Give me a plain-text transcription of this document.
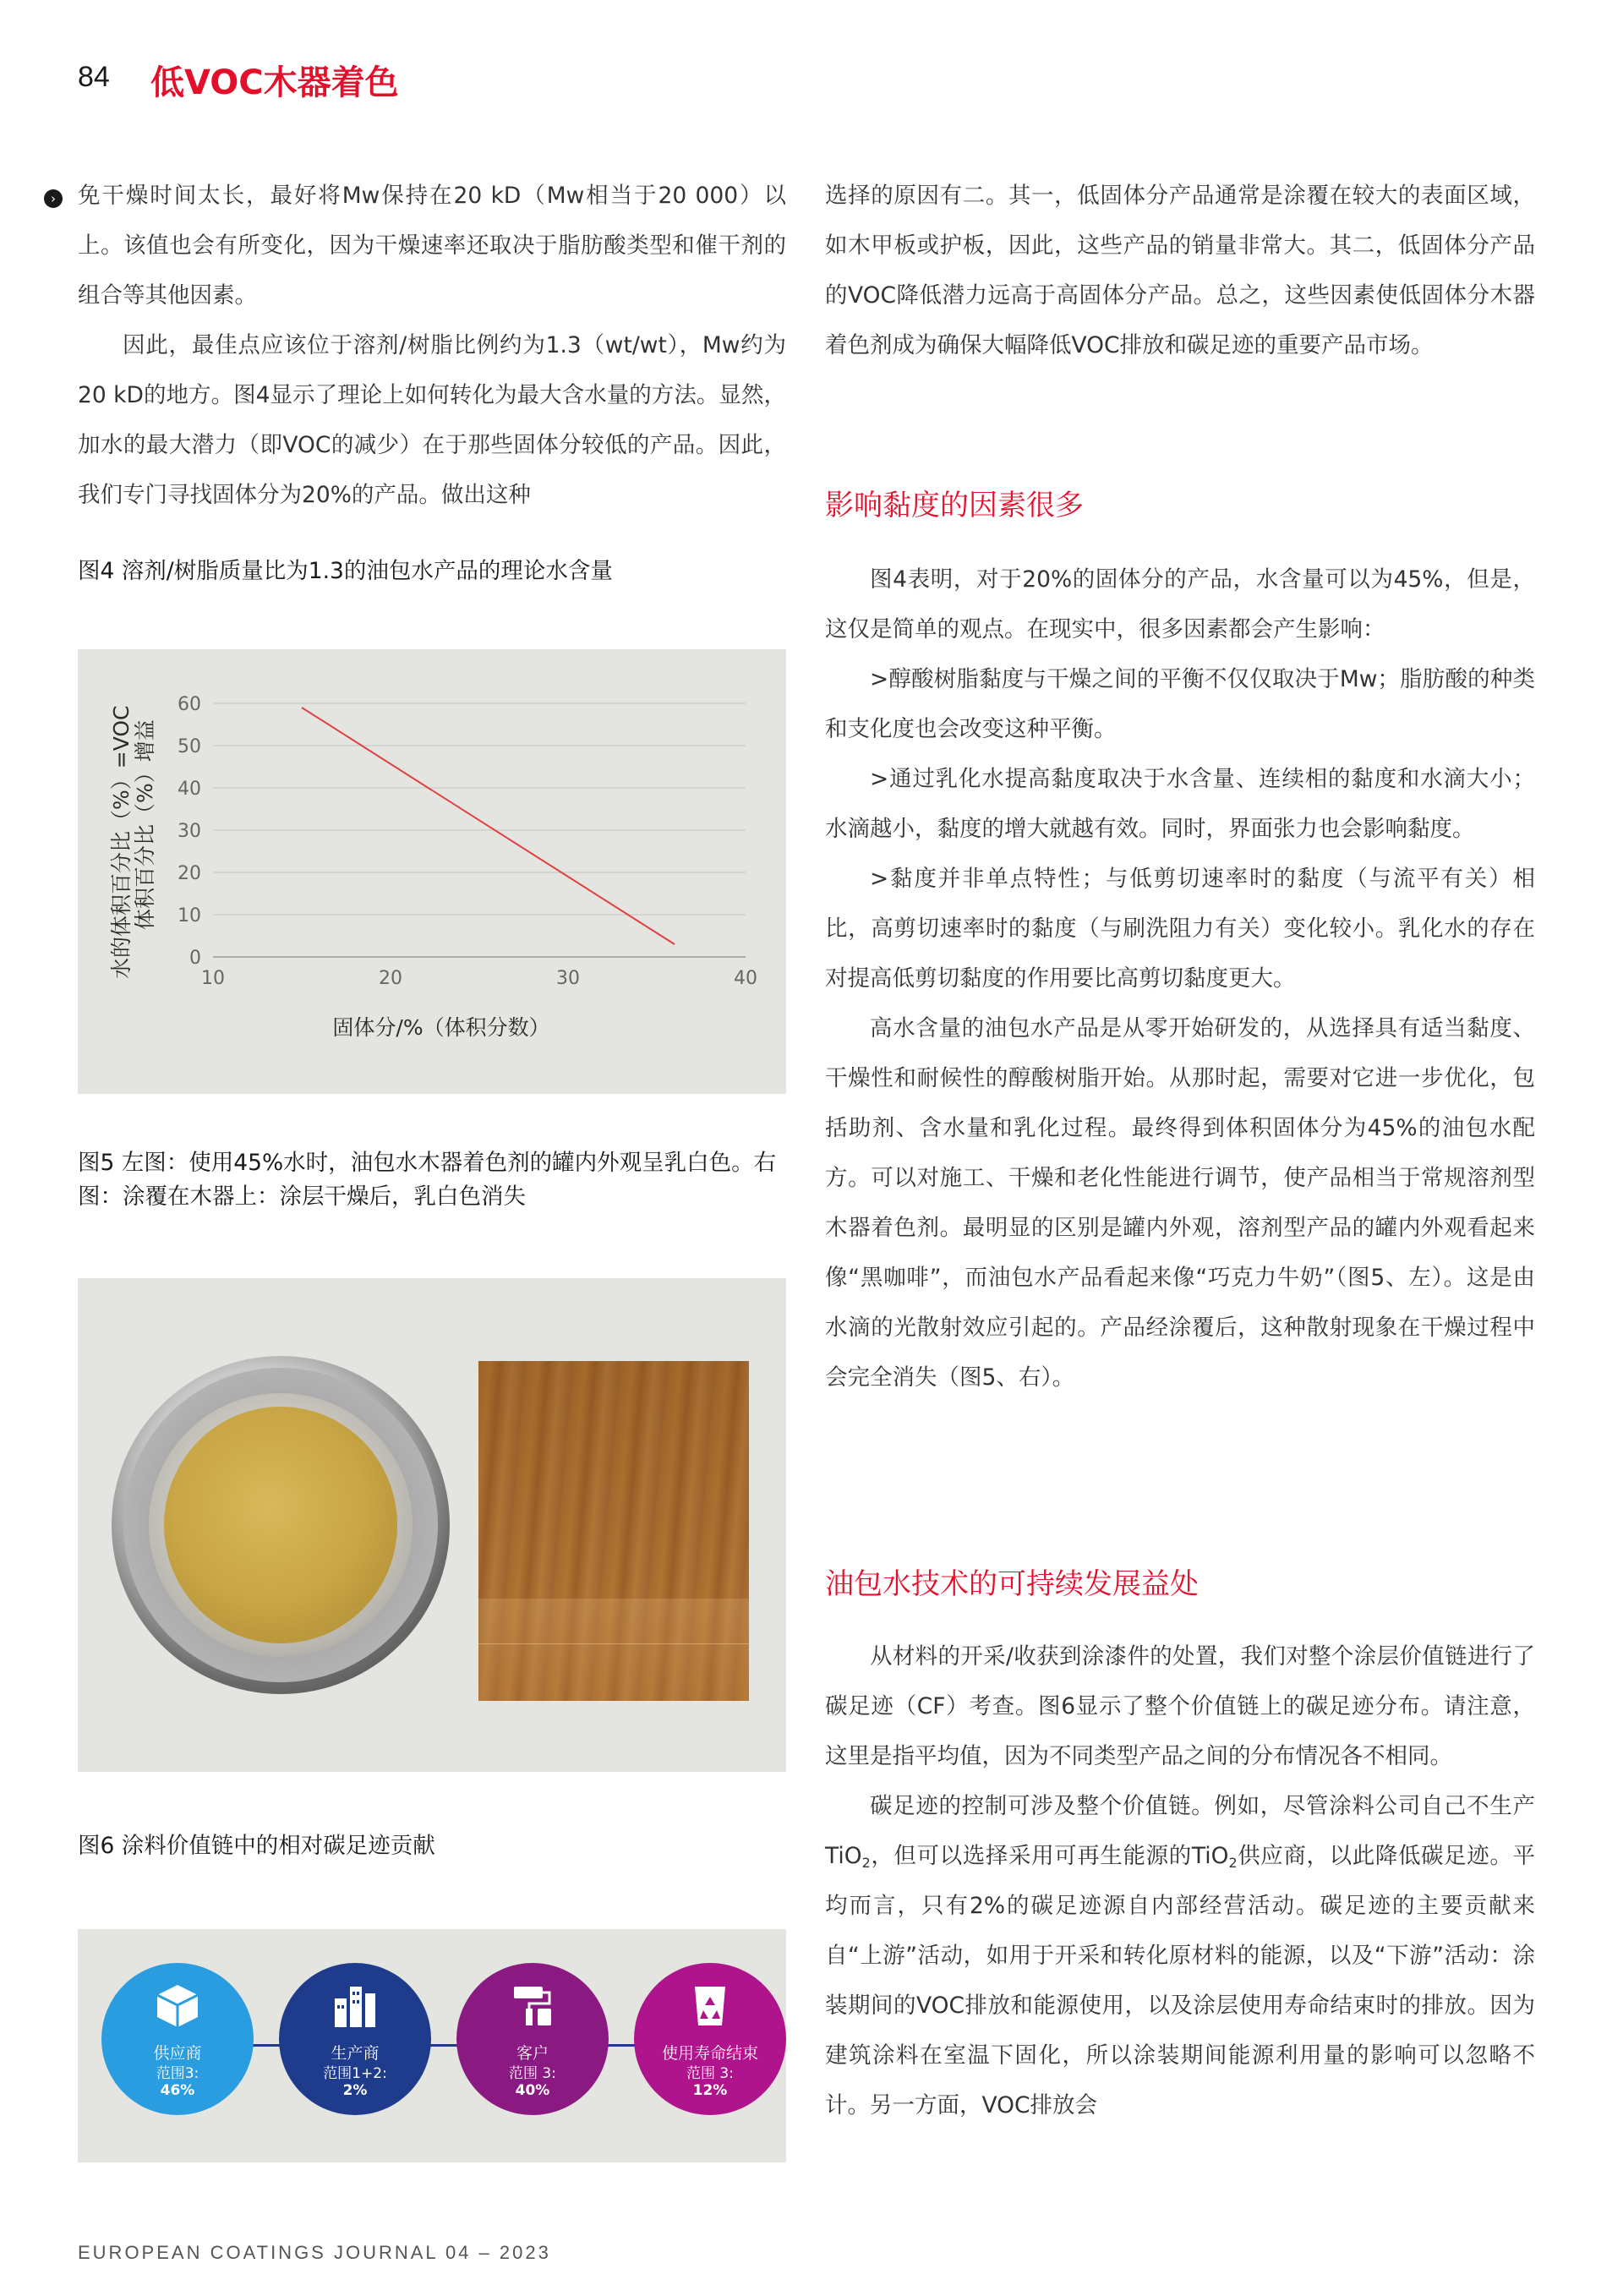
84 低VOC木器着色
› 免干燥时间太长，最好将Mw保持在20 kD（Mw相当于20 000）以上。该值也会有所变化，因为干燥速率还取决于脂肪酸类型和催干剂的组合等其他因素。

因此，最佳点应该位于溶剂/树脂比例约为1.3（wt/wt），Mw约为20 kD的地方。图4显示了理论上如何转化为最大含水量的方法。显然，加水的最大潜力（即VOC的减少）在于那些固体分较低的产品。因此，我们专门寻找固体分为20%的产品。做出这种

图4 溶剂/树脂质量比为1.3的油包水产品的理论水含量
水的体积百分比（%）=VOC 体积百分比（%）增益
0
10
20
30
40
50
60
10	20	30	40
固体分/%（体积分数）
图5 左图：使用45%水时，油包水木器着色剂的罐内外观呈乳白色。右图：涂覆在木器上：涂层干燥后，乳白色消失
图6 涂料价值链中的相对碳足迹贡献
供应商
范围3:
46%
生产商
范围1+2:
2%
客户
范围 3:
40%
使用寿命结束
范围 3:
12%

选择的原因有二。其一，低固体分产品通常是涂覆在较大的表面区域，如木甲板或护板，因此，这些产品的销量非常大。其二，低固体分产品的VOC降低潜力远高于高固体分产品。总之，这些因素使低固体分木器着色剂成为确保大幅降低VOC排放和碳足迹的重要产品市场。

影响黏度的因素很多

图4表明，对于20%的固体分的产品，水含量可以为45%，但是，这仅是简单的观点。在现实中，很多因素都会产生影响：

>醇酸树脂黏度与干燥之间的平衡不仅仅取决于Mw；脂肪酸的种类和支化度也会改变这种平衡。

>通过乳化水提高黏度取决于水含量、连续相的黏度和水滴大小；水滴越小，黏度的增大就越有效。同时，界面张力也会影响黏度。

>黏度并非单点特性；与低剪切速率时的黏度（与流平有关）相比，高剪切速率时的黏度（与刷洗阻力有关）变化较小。乳化水的存在对提高低剪切黏度的作用要比高剪切黏度更大。

高水含量的油包水产品是从零开始研发的，从选择具有适当黏度、干燥性和耐候性的醇酸树脂开始。从那时起，需要对它进一步优化，包括助剂、含水量和乳化过程。最终得到体积固体分为45%的油包水配方。可以对施工、干燥和老化性能进行调节，使产品相当于常规溶剂型木器着色剂。最明显的区别是罐内外观，溶剂型产品的罐内外观看起来像“黑咖啡”，而油包水产品看起来像“巧克力牛奶”（图5、左）。这是由水滴的光散射效应引起的。产品经涂覆后，这种散射现象在干燥过程中会完全消失（图5、右）。

油包水技术的可持续发展益处

从材料的开采/收获到涂漆件的处置，我们对整个涂层价值链进行了碳足迹（CF）考查。图6显示了整个价值链上的碳足迹分布。请注意，这里是指平均值，因为不同类型产品之间的分布情况各不相同。

碳足迹的控制可涉及整个价值链。例如，尽管涂料公司自己不生产TiO$_2$，但可以选择采用可再生能源的TiO$_2$供应商，以此降低碳足迹。平均而言，只有2%的碳足迹源自内部经营活动。碳足迹的主要贡献来自“上游”活动，如用于开采和转化原材料的能源，以及“下游”活动：涂装期间的VOC排放和能源使用，以及涂层使用寿命结束时的排放。因为建筑涂料在室温下固化，所以涂装期间能源利用量的影响可以忽略不计。另一方面，VOC排放会

EUROPEAN COATINGS JOURNAL 04 – 2023
